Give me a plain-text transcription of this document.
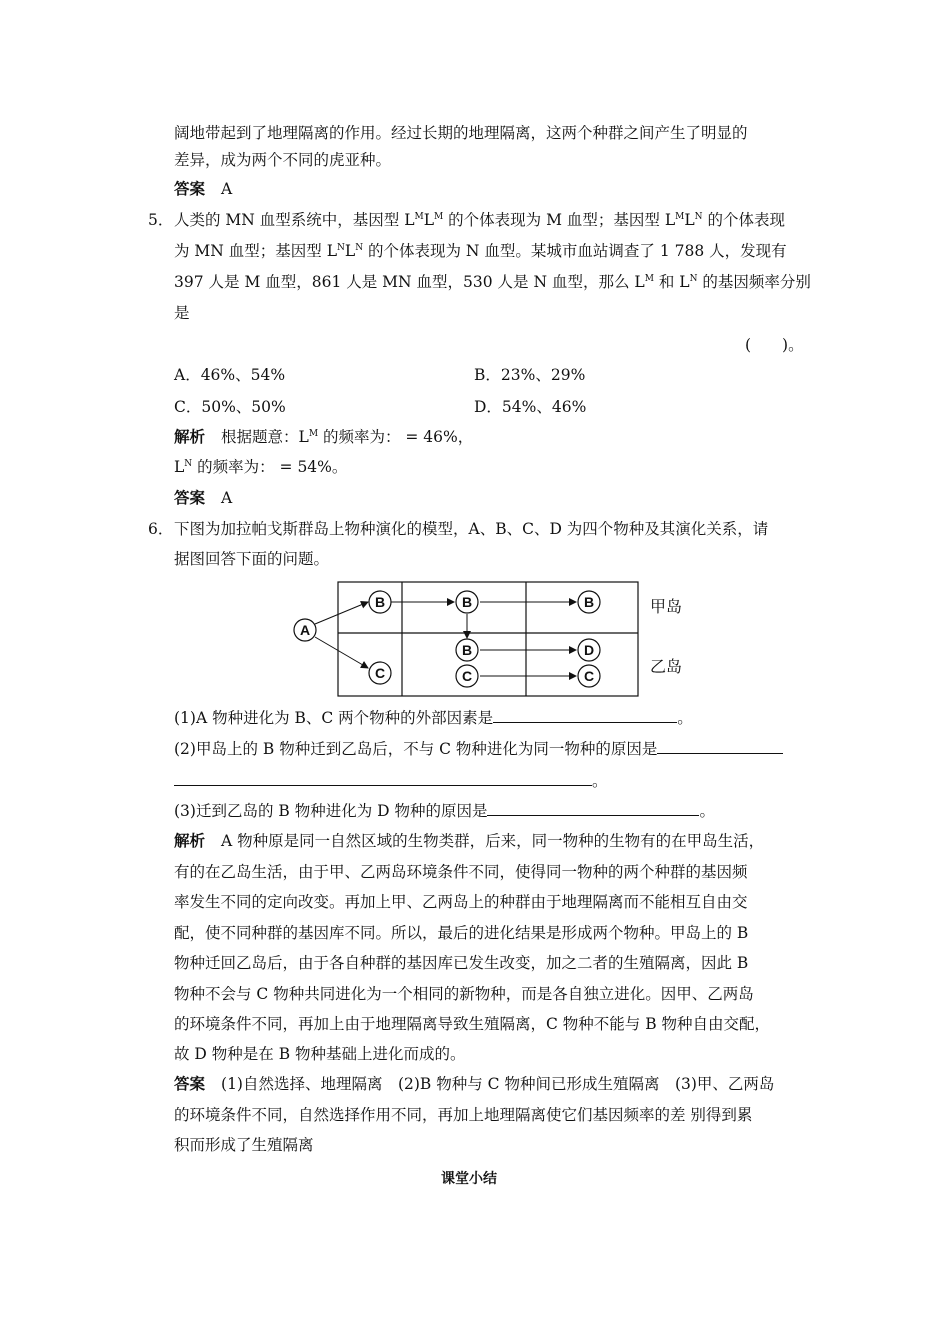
阔地带起到了地理隔离的作用。经过长期的地理隔离，这两个种群之间产生了明显的
差异，成为两个不同的虎亚种。
答案 A
5． 人类的 MN 血型系统中，基因型 $L^ML^M$ 的个体表现为 M 血型；基因型 $L^ML^N$ 的个体表现
为 MN 血型；基因型 $L^NL^N$ 的个体表现为 N 血型。某城市血站调查了 1 788 人，发现有
397 人是 M 血型，861 人是 MN 血型，530 人是 N 血型，那么 $L^M$ 和 $L^N$ 的基因频率分别
是
(　　)。
A．46%、54%	B．23%、29%
C．50%、50%	D．54%、46%
解析 根据题意：$L^M$ 的频率为： = 46%，
$L^N$ 的频率为： = 54%。
答案 A
6． 下图为加拉帕戈斯群岛上物种演化的模型，A、B、C、D 为四个物种及其演化关系，请
据图回答下面的问题。
A
B	B	B
B	D
C	C	C
甲岛
乙岛
(1)A 物种进化为 B、C 两个物种的外部因素是	。
(2)甲岛上的 B 物种迁到乙岛后，不与 C 物种进化为同一物种的原因是
。
(3)迁到乙岛的 B 物种进化为 D 物种的原因是	。
解析 A 物种原是同一自然区域的生物类群，后来，同一物种的生物有的在甲岛生活，
有的在乙岛生活，由于甲、乙两岛环境条件不同，使得同一物种的两个种群的基因频
率发生不同的定向改变。再加上甲、乙两岛上的种群由于地理隔离而不能相互自由交
配，使不同种群的基因库不同。所以，最后的进化结果是形成两个物种。甲岛上的 B
物种迁回乙岛后，由于各自种群的基因库已发生改变，加之二者的生殖隔离，因此 B
物种不会与 C 物种共同进化为一个相同的新物种，而是各自独立进化。因甲、乙两岛
的环境条件不同，再加上由于地理隔离导致生殖隔离，C 物种不能与 B 物种自由交配，
故 D 物种是在 B 物种基础上进化而成的。
答案 (1)自然选择、地理隔离　(2)B 物种与 C 物种间已形成生殖隔离　(3)甲、乙两岛
的环境条件不同，自然选择作用不同，再加上地理隔离使它们基因频率的差 别得到累
积而形成了生殖隔离
课堂小结
